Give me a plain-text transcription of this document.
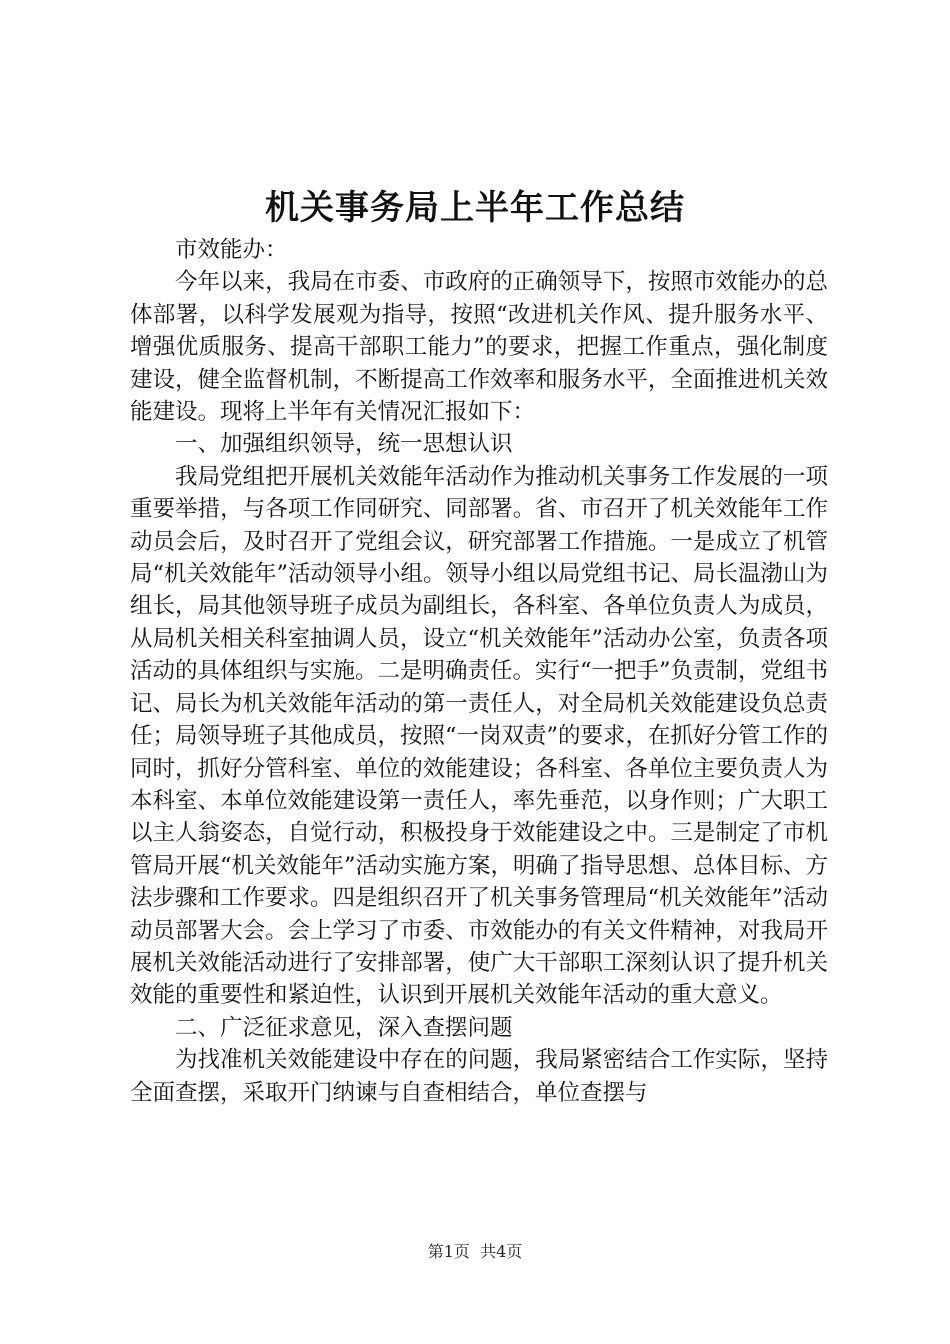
机关事务局上半年工作总结

市效能办：

今年以来，我局在市委、市政府的正确领导下，按照市效能办的总体部署，以科学发展观为指导，按照“改进机关作风、提升服务水平、增强优质服务、提高干部职工能力”的要求，把握工作重点，强化制度建设，健全监督机制，不断提高工作效率和服务水平，全面推进机关效能建设。现将上半年有关情况汇报如下：

一、加强组织领导，统一思想认识

我局党组把开展机关效能年活动作为推动机关事务工作发展的一项重要举措，与各项工作同研究、同部署。省、市召开了机关效能年工作动员会后，及时召开了党组会议，研究部署工作措施。一是成立了机管局“机关效能年”活动领导小组。领导小组以局党组书记、局长温渤山为组长，局其他领导班子成员为副组长，各科室、各单位负责人为成员，从局机关相关科室抽调人员，设立“机关效能年”活动办公室，负责各项活动的具体组织与实施。二是明确责任。实行“一把手”负责制，党组书记、局长为机关效能年活动的第一责任人，对全局机关效能建设负总责任；局领导班子其他成员，按照“一岗双责”的要求，在抓好分管工作的同时，抓好分管科室、单位的效能建设；各科室、各单位主要负责人为本科室、本单位效能建设第一责任人，率先垂范，以身作则；广大职工以主人翁姿态，自觉行动，积极投身于效能建设之中。三是制定了市机管局开展“机关效能年”活动实施方案，明确了指导思想、总体目标、方法步骤和工作要求。四是组织召开了机关事务管理局“机关效能年”活动动员部署大会。会上学习了市委、市效能办的有关文件精神，对我局开展机关效能活动进行了安排部署，使广大干部职工深刻认识了提升机关效能的重要性和紧迫性，认识到开展机关效能年活动的重大意义。

二、广泛征求意见，深入查摆问题

为找准机关效能建设中存在的问题，我局紧密结合工作实际，坚持全面查摆，采取开门纳谏与自查相结合，单位查摆与

第1页 共4页
